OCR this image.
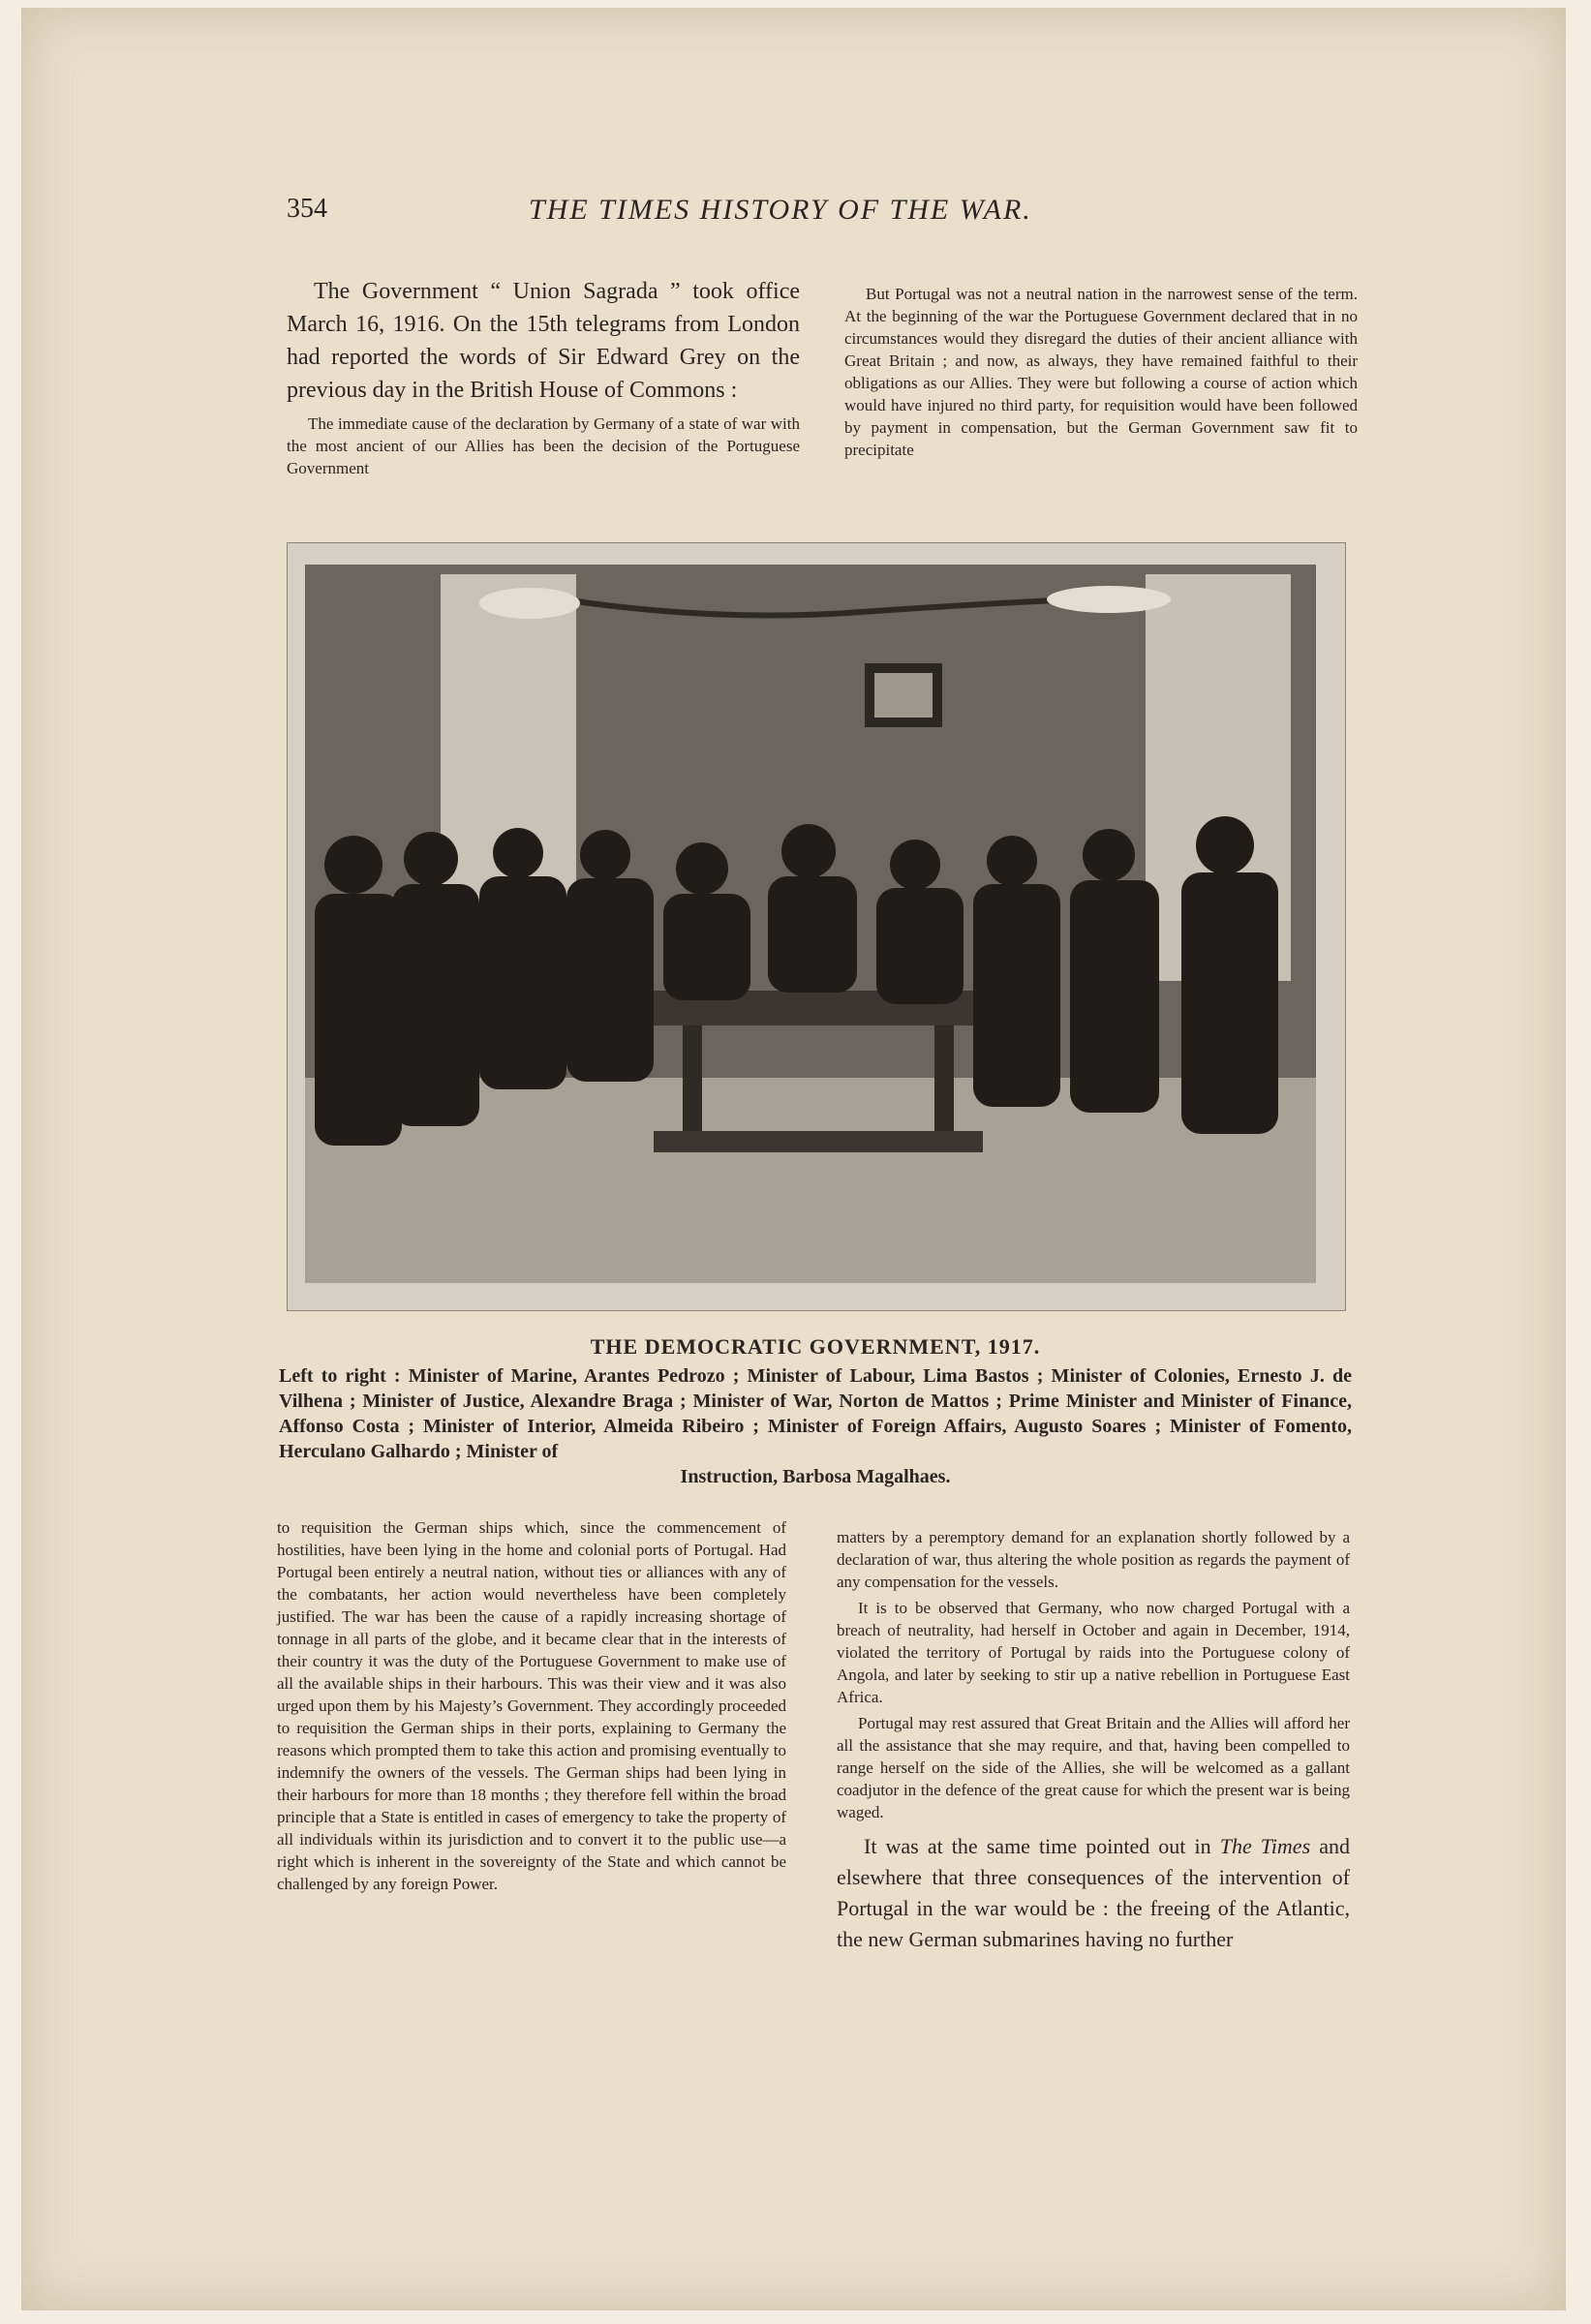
354	THE TIMES HISTORY OF THE WAR.

The Government “ Union Sagrada ” took office March 16, 1916. On the 15th telegrams from London had reported the words of Sir Edward Grey on the previous day in the British House of Commons :

The immediate cause of the declaration by Germany of a state of war with the most ancient of our Allies has been the decision of the Portuguese Government

But Portugal was not a neutral nation in the narrowest sense of the term. At the beginning of the war the Portuguese Government declared that in no circumstances would they disregard the duties of their ancient alliance with Great Britain ; and now, as always, they have remained faithful to their obligations as our Allies. They were but following a course of action which would have injured no third party, for requisition would have been followed by payment in compensation, but the German Government saw fit to precipitate

THE DEMOCRATIC GOVERNMENT, 1917.
Left to right : Minister of Marine, Arantes Pedrozo ; Minister of Labour, Lima Bastos ; Minister of Colonies, Ernesto J. de Vilhena ; Minister of Justice, Alexandre Braga ; Minister of War, Norton de Mattos ; Prime Minister and Minister of Finance, Affonso Costa ; Minister of Interior, Almeida Ribeiro ; Minister of Foreign Affairs, Augusto Soares ; Minister of Fomento, Herculano Galhardo ; Minister of
Instruction, Barbosa Magalhaes.

to requisition the German ships which, since the commencement of hostilities, have been lying in the home and colonial ports of Portugal. Had Portugal been entirely a neutral nation, without ties or alliances with any of the combatants, her action would nevertheless have been completely justified. The war has been the cause of a rapidly increasing shortage of tonnage in all parts of the globe, and it became clear that in the interests of their country it was the duty of the Portuguese Government to make use of all the available ships in their harbours. This was their view and it was also urged upon them by his Majesty’s Government. They accordingly proceeded to requisition the German ships in their ports, explaining to Germany the reasons which prompted them to take this action and promising eventually to indemnify the owners of the vessels. The German ships had been lying in their harbours for more than 18 months ; they therefore fell within the broad principle that a State is entitled in cases of emergency to take the property of all individuals within its jurisdiction and to convert it to the public use—a right which is inherent in the sovereignty of the State and which cannot be challenged by any foreign Power.

matters by a peremptory demand for an explanation shortly followed by a declaration of war, thus altering the whole position as regards the payment of any compensation for the vessels.

It is to be observed that Germany, who now charged Portugal with a breach of neutrality, had herself in October and again in December, 1914, violated the territory of Portugal by raids into the Portuguese colony of Angola, and later by seeking to stir up a native rebellion in Portuguese East Africa.

Portugal may rest assured that Great Britain and the Allies will afford her all the assistance that she may require, and that, having been compelled to range herself on the side of the Allies, she will be welcomed as a gallant coadjutor in the defence of the great cause for which the present war is being waged.

It was at the same time pointed out in The Times and elsewhere that three consequences of the intervention of Portugal in the war would be : the freeing of the Atlantic, the new German submarines having no further
